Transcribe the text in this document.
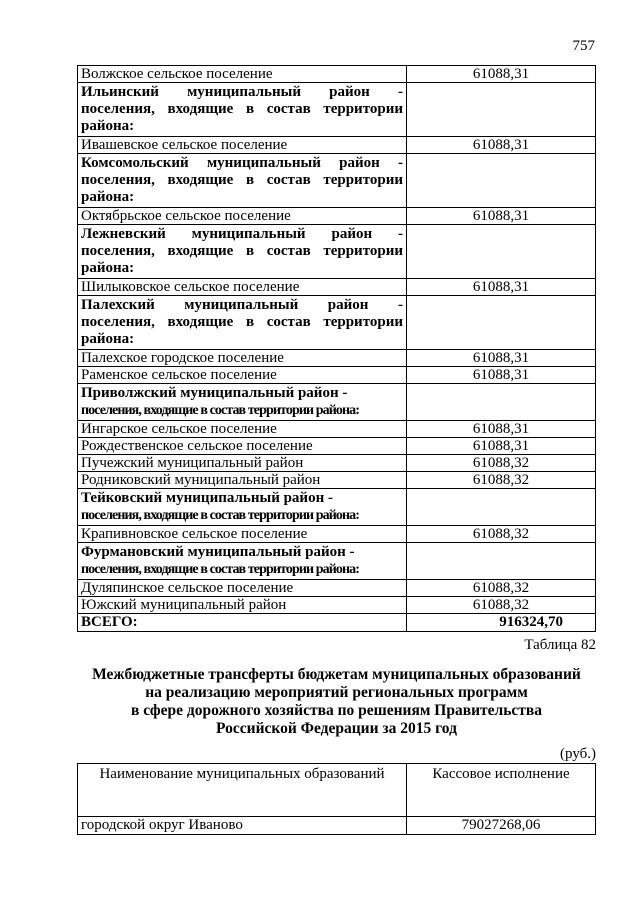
757
Волжское сельское поселение	61088,31
Ильинский муниципальный район - поселения, входящие в состав территории района:	
Ивашевское сельское поселение	61088,31
Комсомольский муниципальный район - поселения, входящие в состав территории района:	
Октябрьское сельское поселение	61088,31
Лежневский муниципальный район - поселения, входящие в состав территории района:	
Шилыковское сельское поселение	61088,31
Палехский муниципальный район - поселения, входящие в состав территории района:	
Палехское городское поселение	61088,31
Раменское сельское поселение	61088,31

Приволжский муниципальный район -
поселения, входящие в состав территории района:	

Ингарское сельское поселение	61088,31
Рождественское сельское поселение	61088,31
Пучежский муниципальный район	61088,32
Родниковский муниципальный район	61088,32

Тейковский муниципальный район -
поселения, входящие в состав территории района:	

Крапивновское сельское поселение	61088,32

Фурмановский муниципальный район -
поселения, входящие в состав территории района:	

Дуляпинское сельское поселение	61088,32
Южский муниципальный район	61088,32
ВСЕГО:	916324,70
Таблица 82
Межбюджетные трансферты бюджетам муниципальных образований
на реализацию мероприятий региональных программ
в сфере дорожного хозяйства по решениям Правительства
Российской Федерации за 2015 год
(руб.)
Наименование муниципальных образований	Кассовое исполнение
городской округ Иваново	79027268,06
